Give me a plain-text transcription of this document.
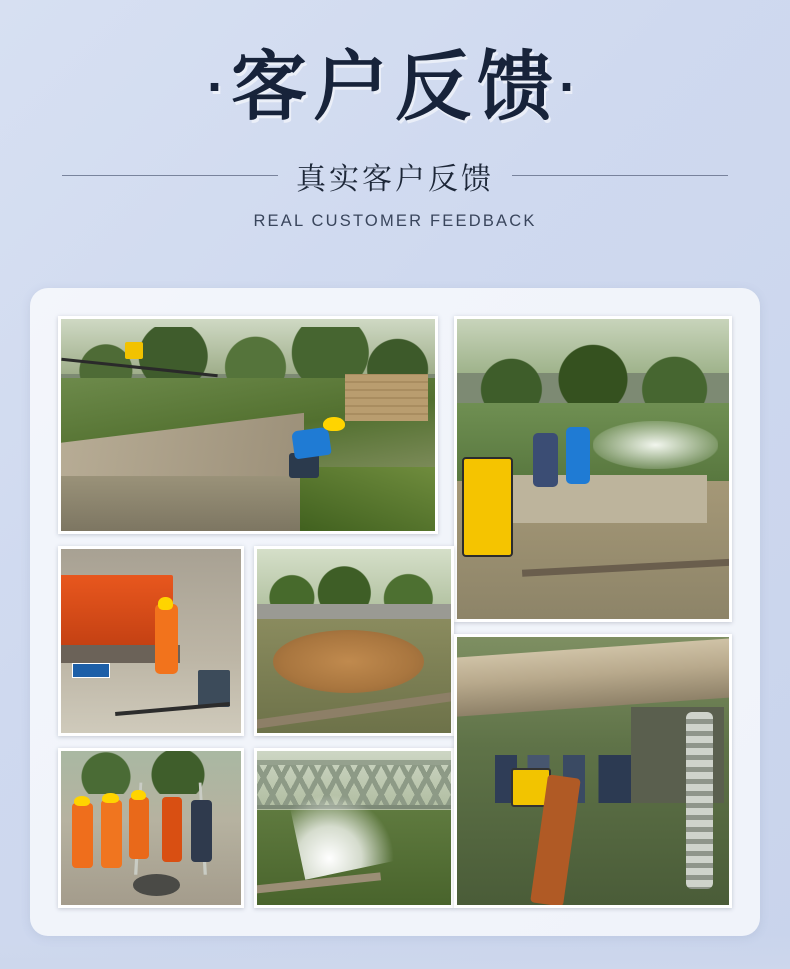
·客户反馈·
真实客户反馈
REAL CUSTOMER FEEDBACK
